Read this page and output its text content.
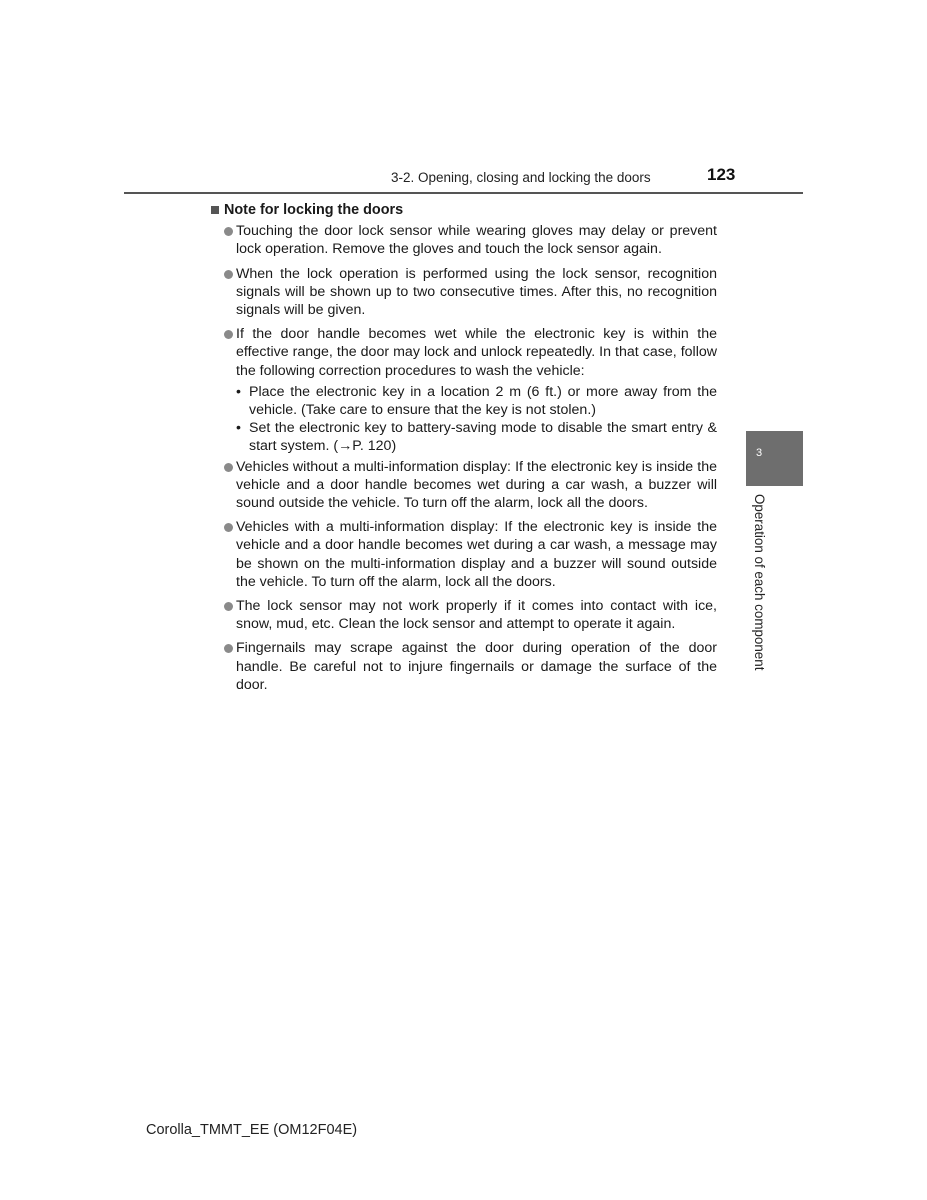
3-2. Opening, closing and locking the doors	123
Note for locking the doors
Touching the door lock sensor while wearing gloves may delay or prevent lock operation. Remove the gloves and touch the lock sensor again.
When the lock operation is performed using the lock sensor, recognition signals will be shown up to two consecutive times. After this, no recognition signals will be given.
If the door handle becomes wet while the electronic key is within the effective range, the door may lock and unlock repeatedly. In that case, follow the following correction procedures to wash the vehicle:
• Place the electronic key in a location 2 m (6 ft.) or more away from the vehicle. (Take care to ensure that the key is not stolen.)
• Set the electronic key to battery-saving mode to disable the smart entry & start system. (→P. 120)
Vehicles without a multi-information display: If the electronic key is inside the vehicle and a door handle becomes wet during a car wash, a buzzer will sound outside the vehicle. To turn off the alarm, lock all the doors.
Vehicles with a multi-information display: If the electronic key is inside the vehicle and a door handle becomes wet during a car wash, a message may be shown on the multi-information display and a buzzer will sound outside the vehicle. To turn off the alarm, lock all the doors.
The lock sensor may not work properly if it comes into contact with ice, snow, mud, etc. Clean the lock sensor and attempt to operate it again.
Fingernails may scrape against the door during operation of the door handle. Be careful not to injure fingernails or damage the surface of the door.
3
Operation of each component
Corolla_TMMT_EE (OM12F04E)
